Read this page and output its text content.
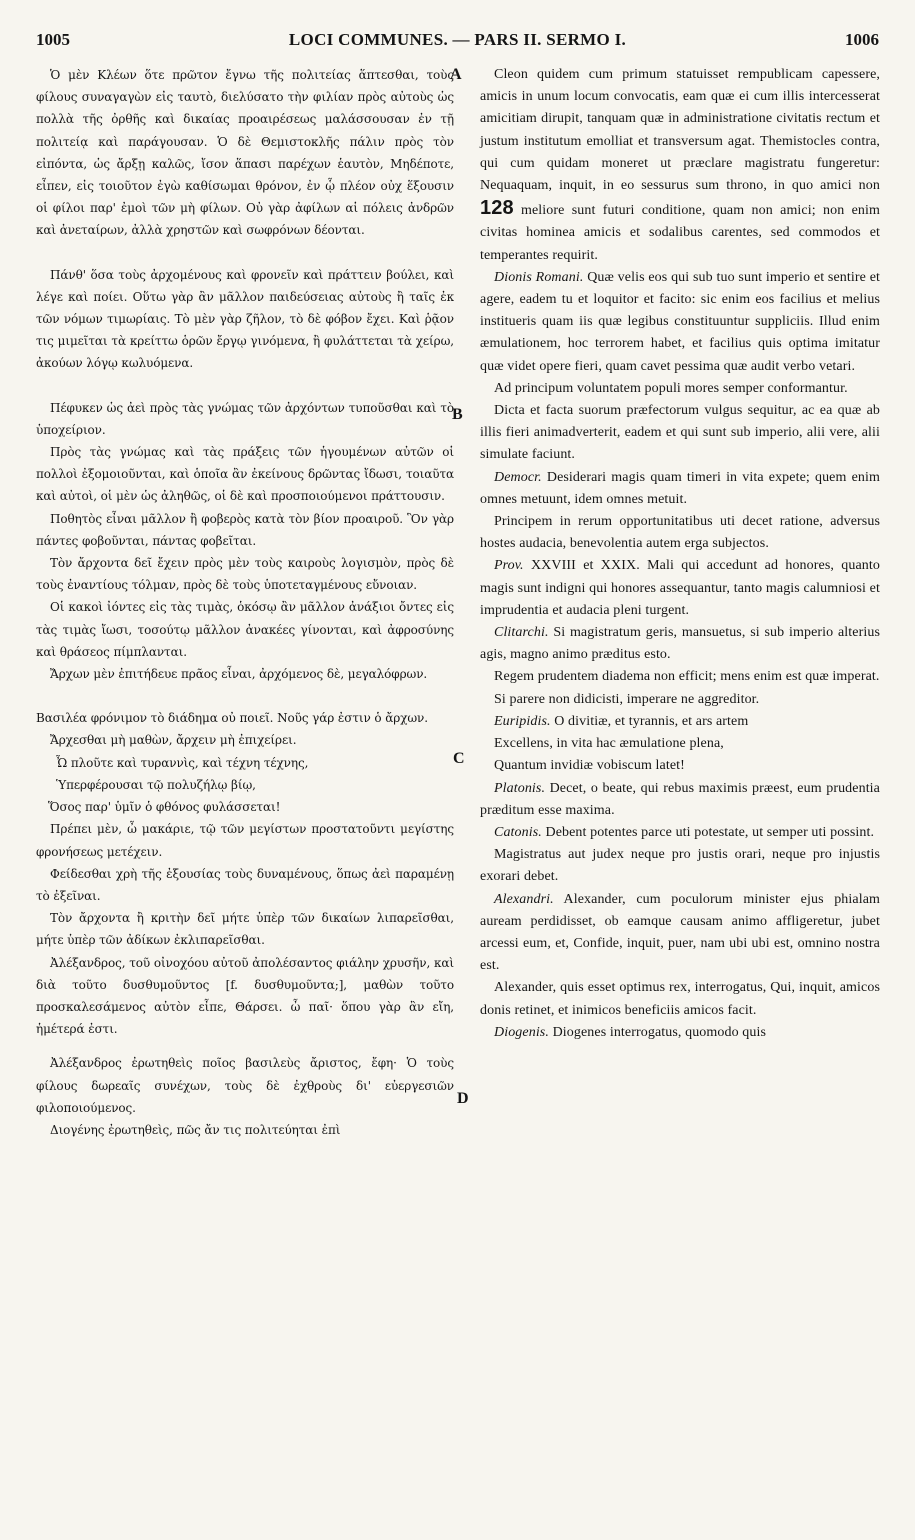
1005	LOCI COMMUNES. — PARS II. SERMO I.	1006
A
B
C
D

Ὁ μὲν Κλέων ὅτε πρῶτον ἔγνω τῆς πολιτείας ἅπτεσθαι, τοὺς φίλους συναγαγὼν εἰς ταυτὸ, διελύσατο τὴν φιλίαν πρὸς αὐτοὺς ὡς πολλὰ τῆς ὀρθῆς καὶ δικαίας προαιρέσεως μαλάσσουσαν ἐν τῇ πολιτείᾳ καὶ παράγουσαν. Ὁ δὲ Θεμιστοκλῆς πάλιν πρὸς τὸν εἰπόντα, ὡς ἄρξῃ καλῶς, ἴσον ἅπασι παρέχων ἑαυτὸν, Μηδέποτε, εἶπεν, εἰς τοιοῦτον ἐγὼ καθίσωμαι θρόνον, ἐν ᾧ πλέον οὐχ ἕξουσιν οἱ φίλοι παρ' ἐμοὶ τῶν μὴ φίλων. Οὐ γὰρ ἀφίλων αἱ πόλεις ἀνδρῶν καὶ ἀνεταίρων, ἀλλὰ χρηστῶν καὶ σωφρόνων δέονται.

Πάνθ' ὅσα τοὺς ἀρχομένους καὶ φρονεῖν καὶ πράττειν βούλει, καὶ λέγε καὶ ποίει. Οὕτω γὰρ ἂν μᾶλλον παιδεύσειας αὐτοὺς ἢ ταῖς ἐκ τῶν νόμων τιμωρίαις. Τὸ μὲν γὰρ ζῆλον, τὸ δὲ φόβον ἔχει. Καὶ ῥᾷον τις μιμεῖται τὰ κρείττω ὁρῶν ἔργῳ γινόμενα, ἢ φυλάττεται τὰ χείρω, ἀκούων λόγῳ κωλυόμενα.

Πέφυκεν ὡς ἀεὶ πρὸς τὰς γνώμας τῶν ἀρχόντων τυποῦσθαι καὶ τὸ ὑποχείριον.

Πρὸς τὰς γνώμας καὶ τὰς πράξεις τῶν ἡγουμένων αὐτῶν οἱ πολλοὶ ἐξομοιοῦνται, καὶ ὁποῖα ἂν ἐκείνους δρῶντας ἴδωσι, τοιαῦτα καὶ αὐτοὶ, οἱ μὲν ὡς ἀληθῶς, οἱ δὲ καὶ προσποιούμενοι πράττουσιν.

Ποθητὸς εἶναι μᾶλλον ἢ φοβερὸς κατὰ τὸν βίον προαιροῦ. Ὃν γὰρ πάντες φοβοῦνται, πάντας φοβεῖται.

Τὸν ἄρχοντα δεῖ ἔχειν πρὸς μὲν τοὺς καιροὺς λογισμὸν, πρὸς δὲ τοὺς ἐναντίους τόλμαν, πρὸς δὲ τοὺς ὑποτεταγμένους εὔνοιαν.

Οἱ κακοὶ ἰόντες εἰς τὰς τιμὰς, ὁκόσῳ ἂν μᾶλλον ἀνάξιοι ὄντες εἰς τὰς τιμὰς ἴωσι, τοσούτῳ μᾶλλον ἀνακέες γίνονται, καὶ ἀφροσύνης καὶ θράσεος πίμπλανται.

Ἄρχων μὲν ἐπιτήδευε πρᾶος εἶναι, ἀρχόμενος δὲ, μεγαλόφρων.

Βασιλέα φρόνιμον τὸ διάδημα οὐ ποιεῖ. Νοῦς γάρ ἐστιν ὁ ἄρχων.

Ἄρχεσθαι μὴ μαθὼν, ἄρχειν μὴ ἐπιχείρει.

Ὦ πλοῦτε καὶ τυραννὶς, καὶ τέχνη τέχνης,

Ὑπερφέρουσαι τῷ πολυζήλῳ βίῳ,

Ὅσος παρ' ὑμῖν ὁ φθόνος φυλάσσεται!

Πρέπει μὲν, ὦ μακάριε, τῷ τῶν μεγίστων προστατοῦντι μεγίστης φρονήσεως μετέχειν.

Φείδεσθαι χρὴ τῆς ἐξουσίας τοὺς δυναμένους, ὅπως ἀεὶ παραμένῃ τὸ ἐξεῖναι.

Τὸν ἄρχοντα ἢ κριτὴν δεῖ μήτε ὑπὲρ τῶν δικαίων λιπαρεῖσθαι, μήτε ὑπὲρ τῶν ἀδίκων ἐκλιπαρεῖσθαι.

Ἀλέξανδρος, τοῦ οἰνοχόου αὐτοῦ ἀπολέσαντος φιάλην χρυσῆν, καὶ διὰ τοῦτο δυσθυμοῦντος [f. δυσθυμοῦντα;], μαθὼν τοῦτο προσκαλεσάμενος αὐτὸν εἶπε, Θάρσει. ὦ παῖ· ὅπου γὰρ ἂν εἴη, ἡμέτερά ἐστι.

Ἀλέξανδρος ἐρωτηθεὶς ποῖος βασιλεὺς ἄριστος, ἔφη· Ὁ τοὺς φίλους δωρεαῖς συνέχων, τοὺς δὲ ἐχθροὺς δι' εὐεργεσιῶν φιλοποιούμενος.

Διογένης ἐρωτηθεὶς, πῶς ἄν τις πολιτεύηται ἐπὶ

Cleon quidem cum primum statuisset rempublicam capessere, amicis in unum locum convocatis, eam quæ ei cum illis intercesserat amicitiam dirupit, tanquam quæ in administratione civitatis rectum et justum institutum emolliat et transversum agat. Themistocles contra, qui cum quidam moneret ut præclare magistratu fungeretur: Nequaquam, inquit, in eo sessurus sum throno, in quo amici non 128 meliore sunt futuri conditione, quam non amici; non enim civitas hominea amicis et sodalibus carentes, sed commodos et temperantes requirit.

Dionis Romani. Quæ velis eos qui sub tuo sunt imperio et sentire et agere, eadem tu et loquitor et facito: sic enim eos facilius et melius institueris quam iis quæ legibus constituuntur suppliciis. Illud enim æmulationem, hoc terrorem habet, et facilius quis optima imitatur quæ videt opere fieri, quam cavet pessima quæ audit verbo vetari.

Ad principum voluntatem populi mores semper conformantur.

Dicta et facta suorum præfectorum vulgus sequitur, ac ea quæ ab illis fieri animadverterit, eadem et qui sunt sub imperio, alii vere, alii simulate faciunt.

Democr. Desiderari magis quam timeri in vita expete; quem enim omnes metuunt, idem omnes metuit.

Principem in rerum opportunitatibus uti decet ratione, adversus hostes audacia, benevolentia autem erga subjectos.

Prov. XXVIII et XXIX. Mali qui accedunt ad honores, quanto magis sunt indigni qui honores assequantur, tanto magis calumniosi et imprudentia et audacia pleni turgent.

Clitarchi. Si magistratum geris, mansuetus, si sub imperio alterius agis, magno animo præditus esto.

Regem prudentem diadema non efficit; mens enim est quæ imperat.

Si parere non didicisti, imperare ne aggreditor.

Euripidis. O divitiæ, et tyrannis, et ars artem

Excellens, in vita hac æmulatione plena,

Quantum invidiæ vobiscum latet!

Platonis. Decet, o beate, qui rebus maximis præest, eum prudentia præditum esse maxima.

Catonis. Debent potentes parce uti potestate, ut semper uti possint.

Magistratus aut judex neque pro justis orari, neque pro injustis exorari debet.

Alexandri. Alexander, cum poculorum minister ejus phialam auream perdidisset, ob eamque causam animo affligeretur, jubet arcessi eum, et, Confide, inquit, puer, nam ubi ubi est, omnino nostra est.

Alexander, quis esset optimus rex, interrogatus, Qui, inquit, amicos donis retinet, et inimicos beneficiis amicos facit.

Diogenis. Diogenes interrogatus, quomodo quis
